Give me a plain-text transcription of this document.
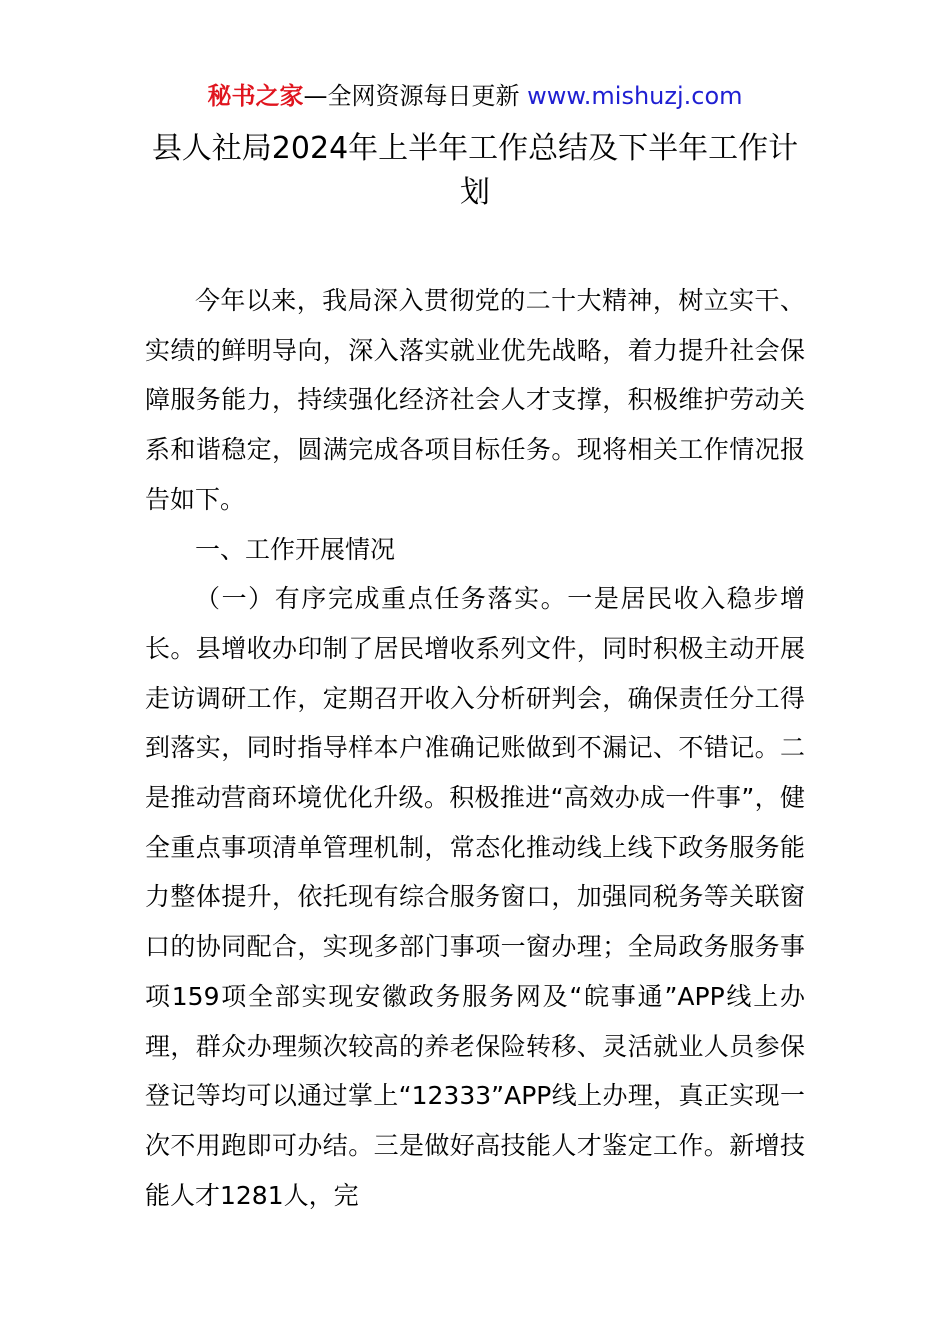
秘书之家—全网资源每日更新 www.mishuzj.com
县人社局2024年上半年工作总结及下半年工作计划

今年以来，我局深入贯彻党的二十大精神，树立实干、实绩的鲜明导向，深入落实就业优先战略，着力提升社会保障服务能力，持续强化经济社会人才支撑，积极维护劳动关系和谐稳定，圆满完成各项目标任务。现将相关工作情况报告如下。

一、工作开展情况

（一）有序完成重点任务落实。一是居民收入稳步增长。县增收办印制了居民增收系列文件，同时积极主动开展走访调研工作，定期召开收入分析研判会，确保责任分工得到落实，同时指导样本户准确记账做到不漏记、不错记。二是推动营商环境优化升级。积极推进“高效办成一件事”，健全重点事项清单管理机制，常态化推动线上线下政务服务能力整体提升，依托现有综合服务窗口，加强同税务等关联窗口的协同配合，实现多部门事项一窗办理；全局政务服务事项159项全部实现安徽政务服务网及“皖事通”APP线上办理，群众办理频次较高的养老保险转移、灵活就业人员参保登记等均可以通过掌上“12333”APP线上办理，真正实现一次不用跑即可办结。三是做好高技能人才鉴定工作。新增技能人才1281人，完
